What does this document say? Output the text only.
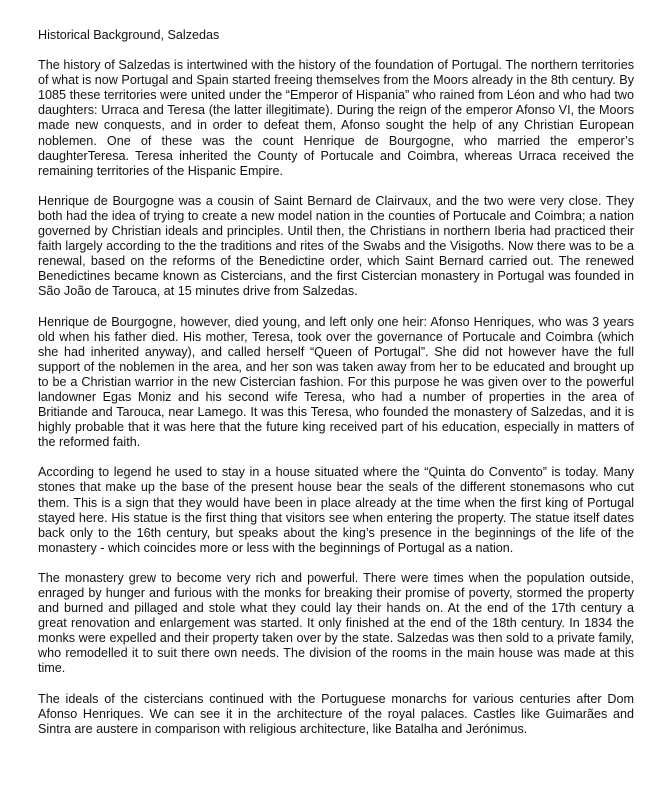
Historical Background, Salzedas

The history of Salzedas is intertwined with the history of the foundation of Portugal. The northern territories of what is now Portugal and Spain started freeing themselves from the Moors already in the 8th century. By 1085 these territories were united under the “Emperor of Hispania” who rained from Léon and who had two daughters: Urraca and Teresa (the latter illegitimate). During the reign of the emperor Afonso VI, the Moors made new conquests, and in order to defeat them, Afonso sought the help of any Christian European noblemen. One of these was the count Henrique de Bourgogne, who married the emperor’s daughterTeresa. Teresa inherited the County of Portucale and Coimbra, whereas Urraca received the remaining territories of the Hispanic Empire.

Henrique de Bourgogne was a cousin of Saint Bernard de Clairvaux, and the two were very close. They both had the idea of trying to create a new model nation in the counties of Portucale and Coimbra; a nation governed by Christian ideals and principles. Until then, the Christians in northern Iberia had practiced their faith largely according to the the traditions and rites of the Swabs and the Visigoths. Now there was to be a renewal, based on the reforms of the Benedictine order, which Saint Bernard carried out. The renewed Benedictines became known as Cistercians, and the first Cistercian monastery in Portugal was founded in São João de Tarouca, at 15 minutes drive from Salzedas.

Henrique de Bourgogne, however, died young, and left only one heir: Afonso Henriques, who was 3 years old when his father died. His mother, Teresa, took over the governance of Portucale and Coimbra (which she had inherited anyway), and called herself “Queen of Portugal”. She did not however have the full support of the noblemen in the area, and her son was taken away from her to be educated and brought up to be a Christian warrior in the new Cistercian fashion. For this purpose he was given over to the powerful landowner Egas Moniz and his second wife Teresa, who had a number of properties in the area of Britiande and Tarouca, near Lamego. It was this Teresa, who founded the monastery of Salzedas, and it is highly probable that it was here that the future king received part of his education, especially in matters of the reformed faith.

According to legend he used to stay in a house situated where the “Quinta do Convento” is today. Many stones that make up the base of the present house bear the seals of the different stonemasons who cut them. This is a sign that they would have been in place already at the time when the first king of Portugal stayed here. His statue is the first thing that visitors see when entering the property. The statue itself dates back only to the 16th century, but speaks about the king’s presence in the beginnings of the life of the monastery - which coincides more or less with the beginnings of Portugal as a nation.

The monastery grew to become very rich and powerful. There were times when the population outside, enraged by hunger and furious with the monks for breaking their promise of poverty, stormed the property and burned and pillaged and stole what they could lay their hands on. At the end of the 17th century a great renovation and enlargement was started. It only finished at the end of the 18th century. In 1834 the monks were expelled and their property taken over by the state. Salzedas was then sold to a private family, who remodelled it to suit there own needs. The division of the rooms in the main house was made at this time.

The ideals of the cistercians continued with the Portuguese monarchs for various centuries after Dom Afonso Henriques. We can see it in the architecture of the royal palaces. Castles like Guimarães and Sintra are austere in comparison with religious architecture, like Batalha and Jerónimus.
